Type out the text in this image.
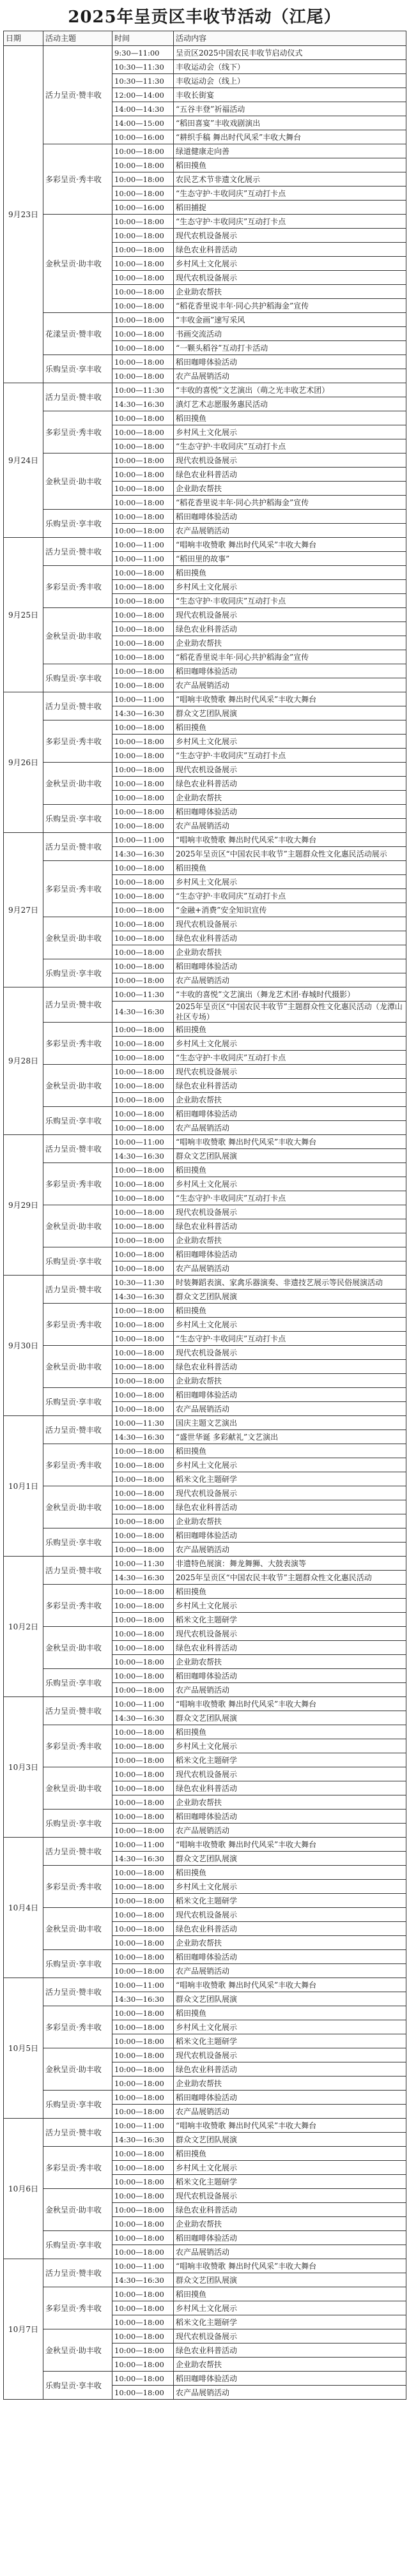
2025年呈贡区丰收节活动（江尾）
日期	活动主题	时间	活动内容
9月23日	活力呈贡·赞丰收	9:30—11:00	呈贡区2025中国农民丰收节启动仪式
		10:30—11:30	丰收运动会（线下）
		10:30—11:30	丰收运动会（线上）
		12:00—14:00	丰收长街宴
		14:00—14:30	“五谷丰登”祈福活动
		14:00—15:00	“稻田喜宴”丰收戏剧演出
		10:00—16:00	“耕织手稿 舞出时代风采”丰收大舞台
	多彩呈贡·秀丰收	10:00—18:00	绿道健康走向善
		10:00—18:00	稻田摸鱼
		10:00—18:00	农民艺术节非遗文化展示
		10:00—18:00	“生态守护·丰收同庆”互动打卡点
		10:00—16:00	稻田捕捉
	金秋呈贡·助丰收	10:00—18:00	“生态守护·丰收同庆”互动打卡点
		10:00—18:00	现代农机设备展示
		10:00—18:00	绿色农业科普活动
		10:00—18:00	乡村风土文化展示
		10:00—18:00	现代农机设备展示
		10:00—18:00	企业助农帮扶
		10:00—18:00	“稻花香里说丰年·同心共护稻海金”宣传
	花漾呈贡·赞丰收	10:00—18:00	“丰收金画”速写采风
		10:00—18:00	书画交流活动
		10:00—18:00	“一颗头稻谷”互动打卡活动
	乐购呈贡·享丰收	10:00—18:00	稻田咖啡体验活动
		10:00—18:00	农产品展销活动
9月24日	活力呈贡·赞丰收	10:00—11:30	“丰收的喜悦”文艺演出（萌之光丰收艺术团）
		14:30—16:30	滇灯艺术志愿服务惠民活动
	多彩呈贡·秀丰收	10:00—18:00	稻田摸鱼
		10:00—18:00	乡村风土文化展示
		10:00—18:00	“生态守护·丰收同庆”互动打卡点
	金秋呈贡·助丰收	10:00—18:00	现代农机设备展示
		10:00—18:00	绿色农业科普活动
		10:00—18:00	企业助农帮扶
		10:00—18:00	“稻花香里说丰年·同心共护稻海金”宣传
	乐购呈贡·享丰收	10:00—18:00	稻田咖啡体验活动
		10:00—18:00	农产品展销活动
9月25日	活力呈贡·赞丰收	10:00—11:00	“唱响丰收赞歌 舞出时代风采”丰收大舞台
		10:00—11:00	“稻田里的故事”
	多彩呈贡·秀丰收	10:00—18:00	稻田摸鱼
		10:00—18:00	乡村风土文化展示
		10:00—18:00	“生态守护·丰收同庆”互动打卡点
	金秋呈贡·助丰收	10:00—18:00	现代农机设备展示
		10:00—18:00	绿色农业科普活动
		10:00—18:00	企业助农帮扶
		10:00—18:00	“稻花香里说丰年·同心共护稻海金”宣传
	乐购呈贡·享丰收	10:00—18:00	稻田咖啡体验活动
		10:00—18:00	农产品展销活动
9月26日	活力呈贡·赞丰收	10:00—11:00	“唱响丰收赞歌 舞出时代风采”丰收大舞台
		14:30—16:30	群众文艺团队展演
	多彩呈贡·秀丰收	10:00—18:00	稻田摸鱼
		10:00—18:00	乡村风土文化展示
		10:00—18:00	“生态守护·丰收同庆”互动打卡点
	金秋呈贡·助丰收	10:00—18:00	现代农机设备展示
		10:00—18:00	绿色农业科普活动
		10:00—18:00	企业助农帮扶
	乐购呈贡·享丰收	10:00—18:00	稻田咖啡体验活动
		10:00—18:00	农产品展销活动
9月27日	活力呈贡·赞丰收	10:00—11:00	“唱响丰收赞歌 舞出时代风采”丰收大舞台
		14:30—16:30	2025年呈贡区“中国农民丰收节”主题群众性文化惠民活动展示
	多彩呈贡·秀丰收	10:00—18:00	稻田摸鱼
		10:00—18:00	乡村风土文化展示
		10:00—18:00	“生态守护·丰收同庆”互动打卡点
		10:00—18:00	“金融+消费”安全知识宣传
	金秋呈贡·助丰收	10:00—18:00	现代农机设备展示
		10:00—18:00	绿色农业科普活动
		10:00—18:00	企业助农帮扶
	乐购呈贡·享丰收	10:00—18:00	稻田咖啡体验活动
		10:00—18:00	农产品展销活动
9月28日	活力呈贡·赞丰收	10:00—11:30	“丰收的喜悦”文艺演出（舞龙艺术团·春城时代摄影）
		14:30—16:30	2025年呈贡区“中国农民丰收节”主题群众性文化惠民活动（龙潭山社区专场）
	多彩呈贡·秀丰收	10:00—18:00	稻田摸鱼
		10:00—18:00	乡村风土文化展示
		10:00—18:00	“生态守护·丰收同庆”互动打卡点
	金秋呈贡·助丰收	10:00—18:00	现代农机设备展示
		10:00—18:00	绿色农业科普活动
		10:00—18:00	企业助农帮扶
	乐购呈贡·享丰收	10:00—18:00	稻田咖啡体验活动
		10:00—18:00	农产品展销活动
9月29日	活力呈贡·赞丰收	10:00—11:00	“唱响丰收赞歌 舞出时代风采”丰收大舞台
		14:30—16:30	群众文艺团队展演
	多彩呈贡·秀丰收	10:00—18:00	稻田摸鱼
		10:00—18:00	乡村风土文化展示
		10:00—18:00	“生态守护·丰收同庆”互动打卡点
	金秋呈贡·助丰收	10:00—18:00	现代农机设备展示
		10:00—18:00	绿色农业科普活动
		10:00—18:00	企业助农帮扶
	乐购呈贡·享丰收	10:00—18:00	稻田咖啡体验活动
		10:00—18:00	农产品展销活动
9月30日	活力呈贡·赞丰收	10:30—11:30	时装舞蹈表演、家禽乐器演奏、非遗技艺展示等民俗展演活动
		14:30—16:30	群众文艺团队展演
	多彩呈贡·秀丰收	10:00—18:00	稻田摸鱼
		10:00—18:00	乡村风土文化展示
		10:00—18:00	“生态守护·丰收同庆”互动打卡点
	金秋呈贡·助丰收	10:00—18:00	现代农机设备展示
		10:00—18:00	绿色农业科普活动
		10:00—18:00	企业助农帮扶
	乐购呈贡·享丰收	10:00—18:00	稻田咖啡体验活动
		10:00—18:00	农产品展销活动
10月1日	活力呈贡·赞丰收	10:00—11:30	国庆主题文艺演出
		14:30—16:30	“盛世华诞 多彩献礼”文艺演出
	多彩呈贡·秀丰收	10:00—18:00	稻田摸鱼
		10:00—18:00	乡村风土文化展示
		10:00—18:00	稻米文化主题研学
	金秋呈贡·助丰收	10:00—18:00	现代农机设备展示
		10:00—18:00	绿色农业科普活动
		10:00—18:00	企业助农帮扶
	乐购呈贡·享丰收	10:00—18:00	稻田咖啡体验活动
		10:00—18:00	农产品展销活动
10月2日	活力呈贡·赞丰收	10:00—11:30	非遗特色展演：舞龙舞狮、大鼓表演等
		14:30—16:30	2025年呈贡区“中国农民丰收节”主题群众性文化惠民活动
	多彩呈贡·秀丰收	10:00—18:00	稻田摸鱼
		10:00—18:00	乡村风土文化展示
		10:00—18:00	稻米文化主题研学
	金秋呈贡·助丰收	10:00—18:00	现代农机设备展示
		10:00—18:00	绿色农业科普活动
		10:00—18:00	企业助农帮扶
	乐购呈贡·享丰收	10:00—18:00	稻田咖啡体验活动
		10:00—18:00	农产品展销活动
10月3日	活力呈贡·赞丰收	10:00—11:00	“唱响丰收赞歌 舞出时代风采”丰收大舞台
		14:30—16:30	群众文艺团队展演
	多彩呈贡·秀丰收	10:00—18:00	稻田摸鱼
		10:00—18:00	乡村风土文化展示
		10:00—18:00	稻米文化主题研学
	金秋呈贡·助丰收	10:00—18:00	现代农机设备展示
		10:00—18:00	绿色农业科普活动
		10:00—18:00	企业助农帮扶
	乐购呈贡·享丰收	10:00—18:00	稻田咖啡体验活动
		10:00—18:00	农产品展销活动
10月4日	活力呈贡·赞丰收	10:00—11:00	“唱响丰收赞歌 舞出时代风采”丰收大舞台
		14:30—16:30	群众文艺团队展演
	多彩呈贡·秀丰收	10:00—18:00	稻田摸鱼
		10:00—18:00	乡村风土文化展示
		10:00—18:00	稻米文化主题研学
	金秋呈贡·助丰收	10:00—18:00	现代农机设备展示
		10:00—18:00	绿色农业科普活动
		10:00—18:00	企业助农帮扶
	乐购呈贡·享丰收	10:00—18:00	稻田咖啡体验活动
		10:00—18:00	农产品展销活动
10月5日	活力呈贡·赞丰收	10:00—11:00	“唱响丰收赞歌 舞出时代风采”丰收大舞台
		14:30—16:30	群众文艺团队展演
	多彩呈贡·秀丰收	10:00—18:00	稻田摸鱼
		10:00—18:00	乡村风土文化展示
		10:00—18:00	稻米文化主题研学
	金秋呈贡·助丰收	10:00—18:00	现代农机设备展示
		10:00—18:00	绿色农业科普活动
		10:00—18:00	企业助农帮扶
	乐购呈贡·享丰收	10:00—18:00	稻田咖啡体验活动
		10:00—18:00	农产品展销活动
10月6日	活力呈贡·赞丰收	10:00—11:00	“唱响丰收赞歌 舞出时代风采”丰收大舞台
		14:30—16:30	群众文艺团队展演
	多彩呈贡·秀丰收	10:00—18:00	稻田摸鱼
		10:00—18:00	乡村风土文化展示
		10:00—18:00	稻米文化主题研学
	金秋呈贡·助丰收	10:00—18:00	现代农机设备展示
		10:00—18:00	绿色农业科普活动
		10:00—18:00	企业助农帮扶
	乐购呈贡·享丰收	10:00—18:00	稻田咖啡体验活动
		10:00—18:00	农产品展销活动
10月7日	活力呈贡·赞丰收	10:00—11:00	“唱响丰收赞歌 舞出时代风采”丰收大舞台
		14:30—16:30	群众文艺团队展演
	多彩呈贡·秀丰收	10:00—18:00	稻田摸鱼
		10:00—18:00	乡村风土文化展示
		10:00—18:00	稻米文化主题研学
	金秋呈贡·助丰收	10:00—18:00	现代农机设备展示
		10:00—18:00	绿色农业科普活动
		10:00—18:00	企业助农帮扶
	乐购呈贡·享丰收	10:00—18:00	稻田咖啡体验活动
		10:00—18:00	农产品展销活动
